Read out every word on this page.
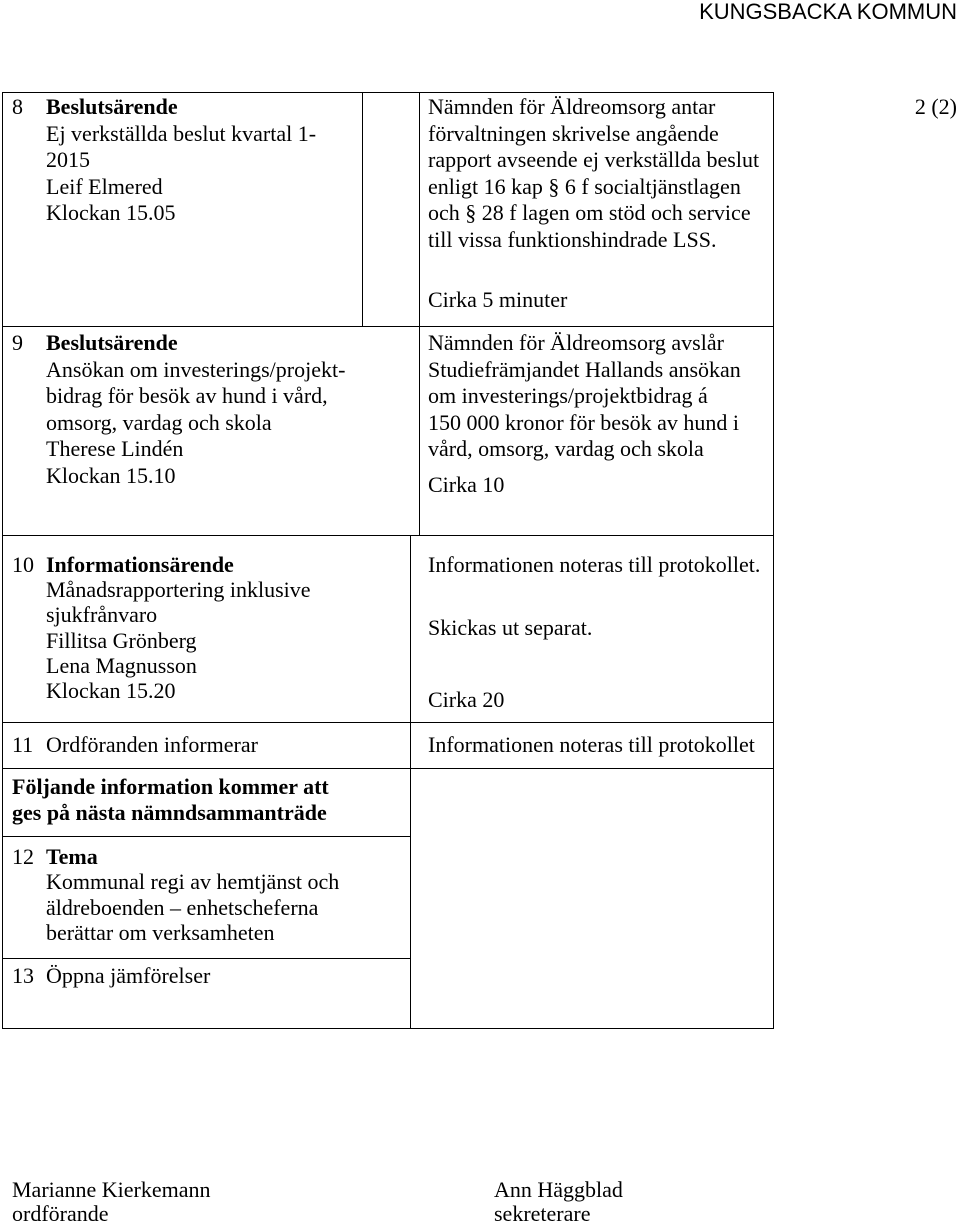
KUNGSBACKA KOMMUN
2 (2)
8 Beslutsärende
Ej verkställda beslut kvartal 1-
2015
Leif Elmered
Klockan 15.05
Nämnden för Äldreomsorg antar
förvaltningen skrivelse angående
rapport avseende ej verkställda beslut
enligt 16 kap § 6 f socialtjänstlagen
och § 28 f lagen om stöd och service
till vissa funktionshindrade LSS.
Cirka 5 minuter
9 Beslutsärende
Ansökan om investerings/projekt-
bidrag för besök av hund i vård,
omsorg, vardag och skola
Therese Lindén
Klockan 15.10
Nämnden för Äldreomsorg avslår
Studiefrämjandet Hallands ansökan
om investerings/projektbidrag á
150 000 kronor för besök av hund i
vård, omsorg, vardag och skola
Cirka 10
10 Informationsärende
Månadsrapportering inklusive
sjukfrånvaro
Fillitsa Grönberg
Lena Magnusson
Klockan 15.20
Informationen noteras till protokollet.
Skickas ut separat.
Cirka 20
11 Ordföranden informerar	Informationen noteras till protokollet
Följande information kommer att
ges på nästa nämndsammanträde
12 Tema
Kommunal regi av hemtjänst och
äldreboenden – enhetscheferna
berättar om verksamheten
13 Öppna jämförelser
Marianne Kierkemann
ordförande
Ann Häggblad
sekreterare
